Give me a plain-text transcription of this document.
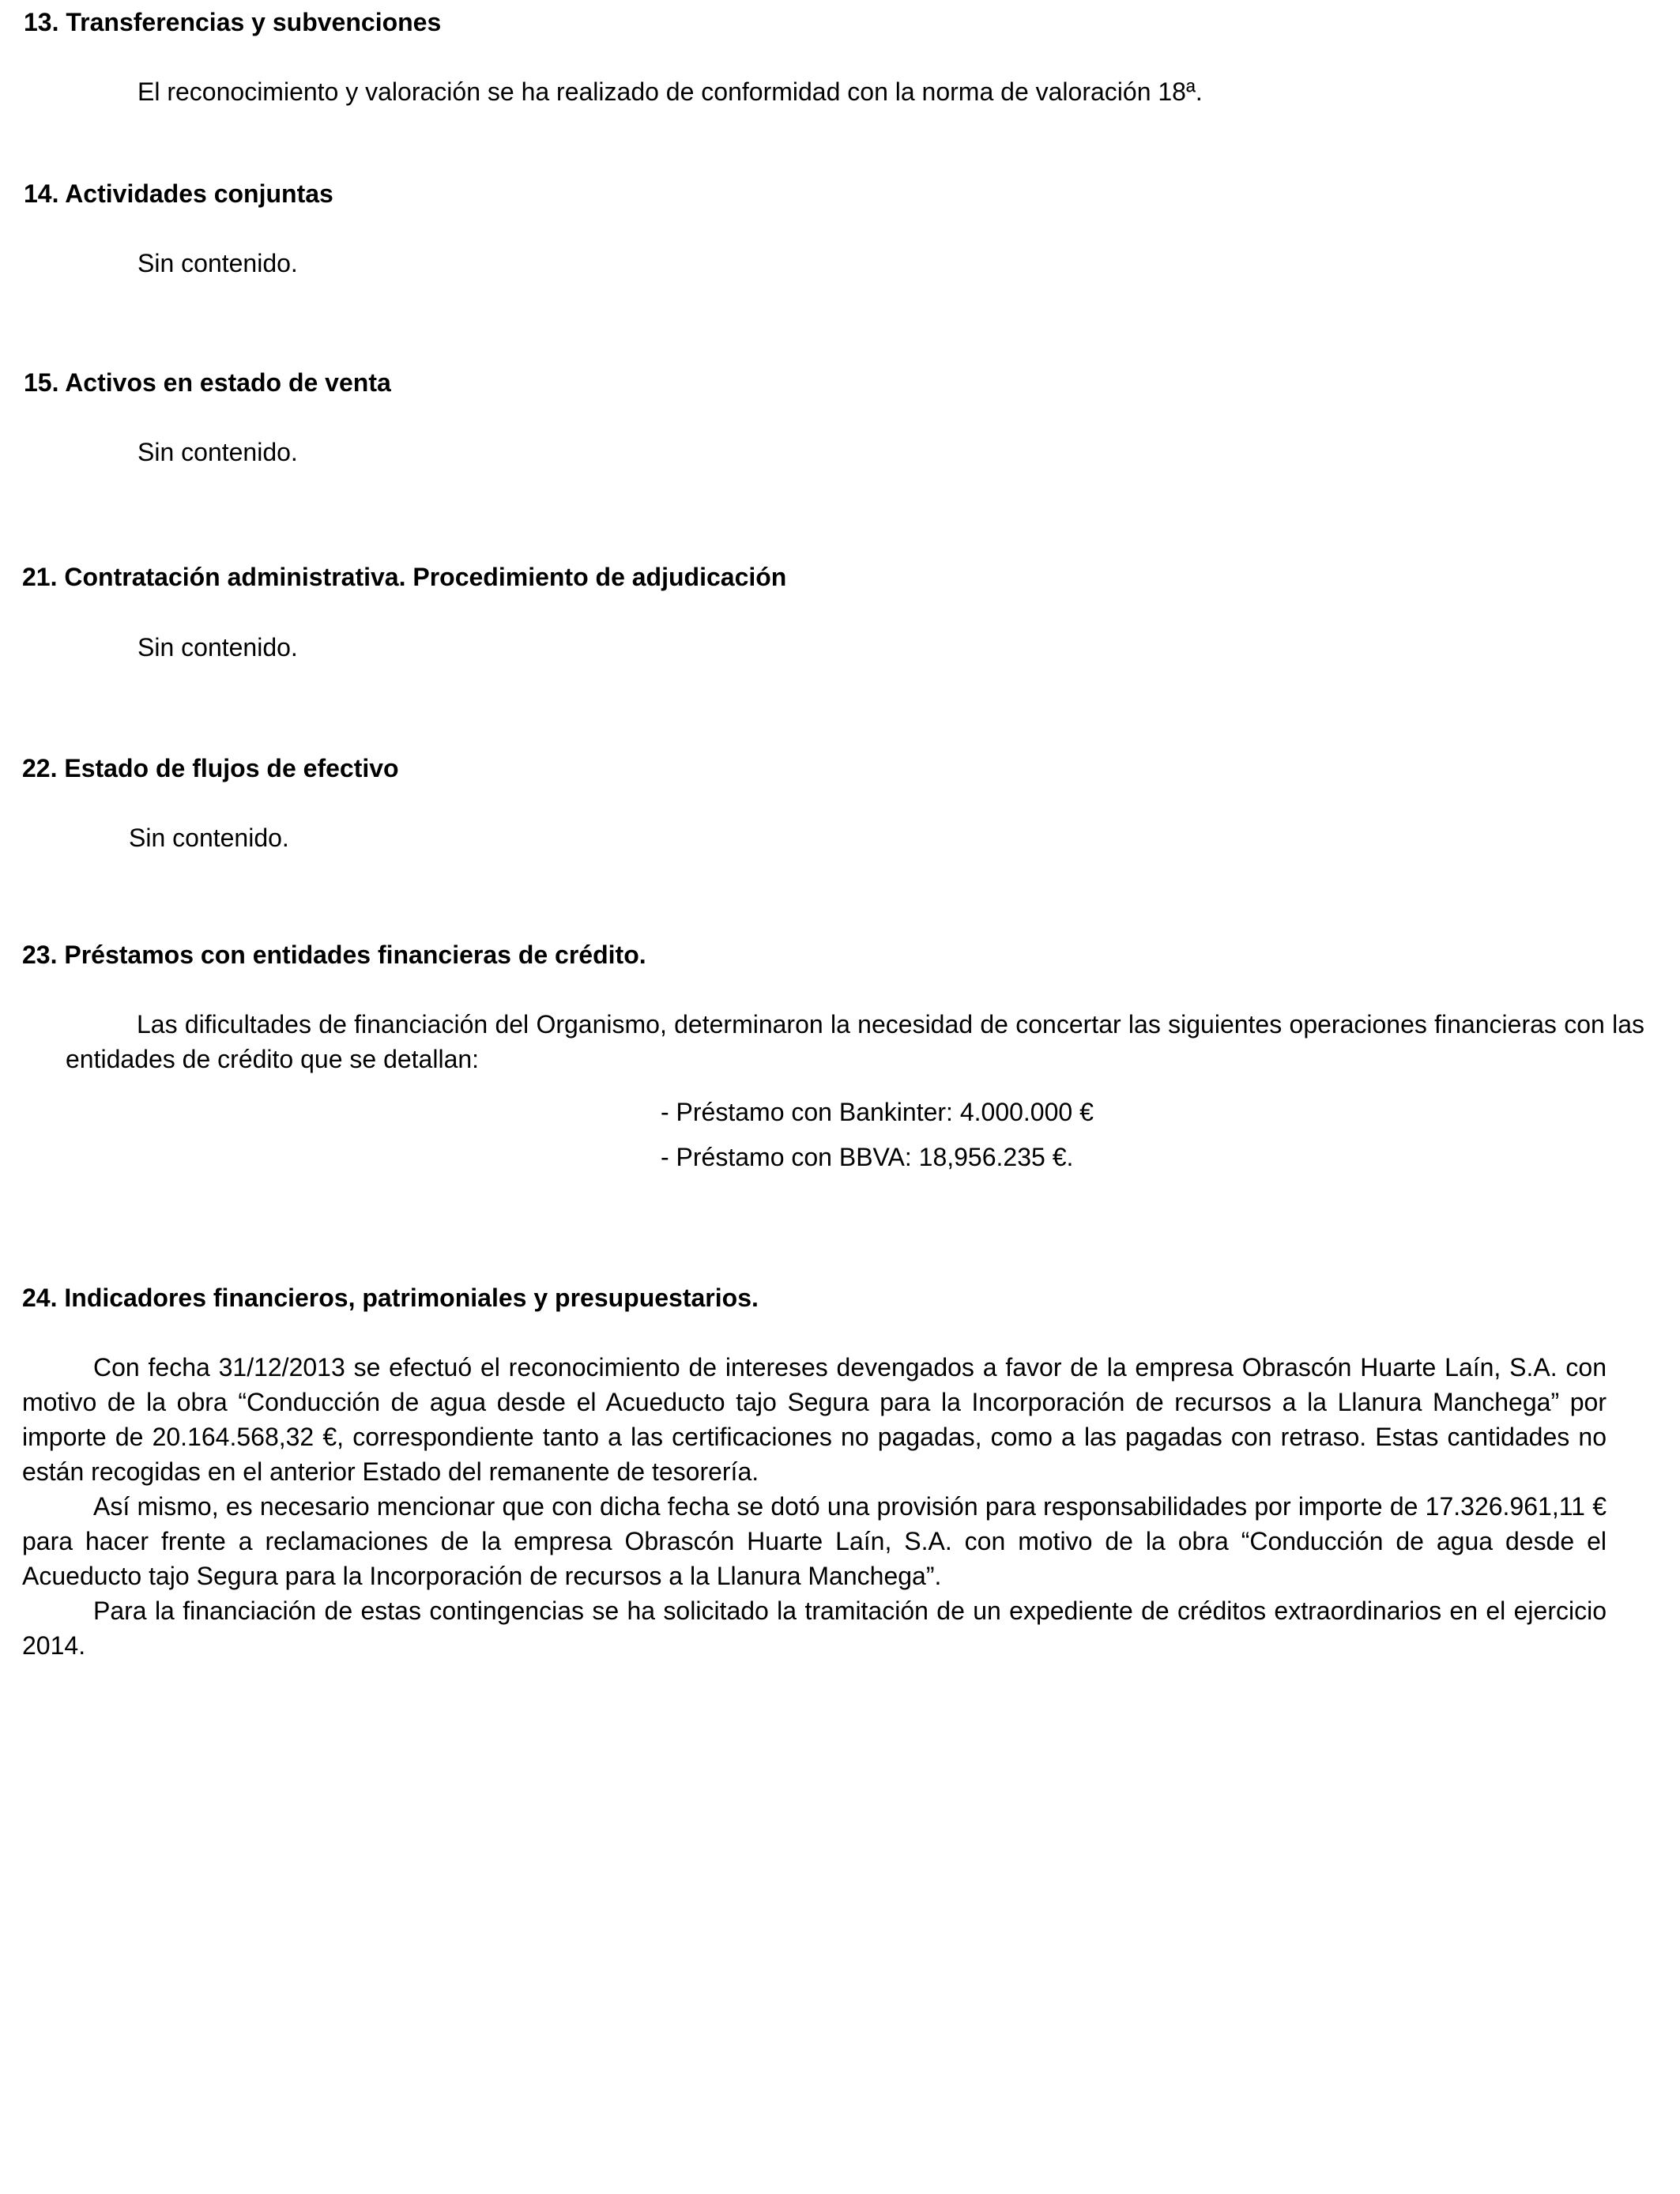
13. Transferencias y subvenciones

El reconocimiento y valoración se ha realizado de conformidad con la norma de valoración 18ª.

14. Actividades conjuntas

Sin contenido.

15. Activos en estado de venta

Sin contenido.

21. Contratación administrativa. Procedimiento de adjudicación

Sin contenido.

22. Estado de flujos de efectivo

Sin contenido.

23. Préstamos con entidades financieras de crédito.

Las dificultades de financiación del Organismo, determinaron la necesidad de concertar las siguientes operaciones financieras con las entidades de crédito que se detallan:

- Préstamo con Bankinter: 4.000.000 €

- Préstamo con BBVA: 18,956.235 €.

24. Indicadores financieros, patrimoniales y presupuestarios.

Con fecha 31/12/2013 se efectuó el reconocimiento de intereses devengados a favor de la empresa Obrascón Huarte Laín, S.A. con motivo de la obra “Conducción de agua desde el Acueducto tajo Segura para la Incorporación de recursos a la Llanura Manchega” por importe de 20.164.568,32 €, correspondiente tanto a las certificaciones no pagadas, como a las pagadas con retraso. Estas cantidades no están recogidas en el anterior Estado del remanente de tesorería.

Así mismo, es necesario mencionar que con dicha fecha se dotó una provisión para responsabilidades por importe de 17.326.961,11 € para hacer frente a reclamaciones de la empresa Obrascón Huarte Laín, S.A. con motivo de la obra “Conducción de agua desde el Acueducto tajo Segura para la Incorporación de recursos a la Llanura Manchega”.

Para la financiación de estas contingencias se ha solicitado la tramitación de un expediente de créditos extraordinarios en el ejercicio 2014.
